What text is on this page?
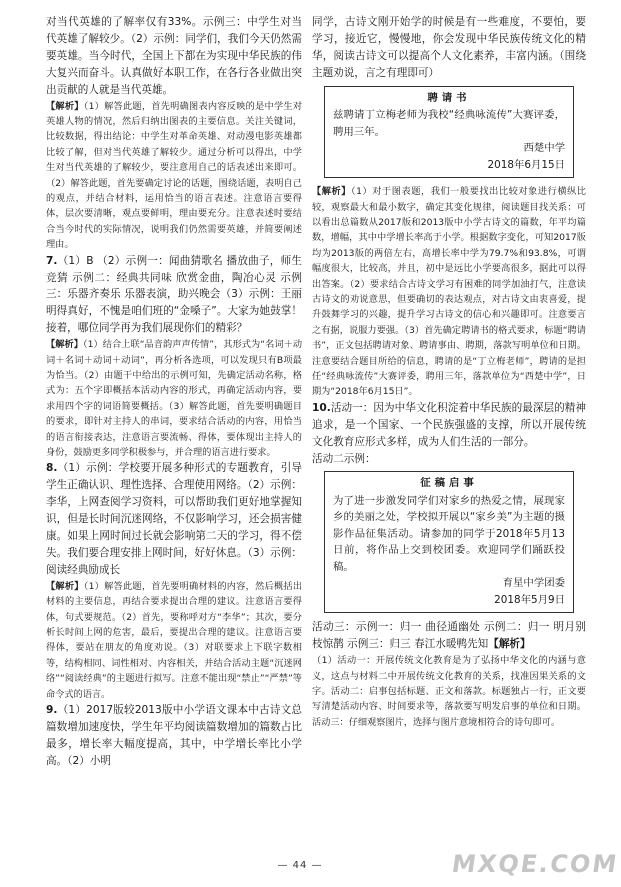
对当代英雄的了解率仅有33%。示例三：中学生对当代英雄了解较少。（2）示例：同学们，我们今天仍然需要英雄。当今时代，全国上下都在为实现中华民族的伟大复兴而奋斗。认真做好本职工作，在各行各业做出突出贡献的人就是当代英雄。

【解析】（1）解答此题，首先明确图表内容反映的是中学生对英雄人物的情况，然后归纳出图表的主要信息。关注关键词，比较数据，得出结论：中学生对革命英雄、对动漫电影英雄都比较了解，但对当代英雄了解较少。通过分析可以得出，中学生对当代英雄的了解较少，要注意用自己的话表述出来即可。（2）解答此题，首先要确定讨论的话题，围绕话题，表明自己的观点，并结合材料，运用恰当的语言表述。注意语言要得体，层次要清晰，观点要鲜明，理由要充分。注意表述时要结合当今时代的实际情况，说明我们仍然需要英雄，并简要阐述理由。

7.（1）B （2）示例一：闻曲猜歌名 播放曲子，师生竞猜 示例二：经典共同味 欣赏金曲，陶冶心灵 示例三：乐器齐奏乐 乐器表演，助兴晚会（3）示例：王丽明得真好，不愧是咱们班的“金嗓子”。大家为她鼓掌！接着，哪位同学再为我们展现你们的精彩？

【解析】（1）结合上联“品音韵声声传情”，其形式为“名词＋动词＋名词＋动词＋动词”，再分析各选项，可以发现只有B项最为恰当。（2）由题干中给出的示例可知，先确定活动名称，格式为：五个字即概括本活动内容的形式，再确定活动内容，要求用四个字的词语简要概括。（3）解答此题，首先要明确题目的要求，即针对主持人的串词，要求结合活动的内容，用恰当的语言衔接表达，注意语言要流畅、得体，要体现出主持人的身份，鼓励更多同学积极参与，并合理的语言进行要求。

8.（1）示例：学校要开展多种形式的专题教育，引导学生正确认识、理性选择、合理使用网络。（2）示例：李华，上网查阅学习资料，可以帮助我们更好地掌握知识，但是长时间沉迷网络，不仅影响学习，还会损害健康。如果上网时间过长就会影响第二天的学习，得不偿失。我们要合理安排上网时间，好好休息。（3）示例：阅读经典励成长

【解析】（1）解答此题，首先要明确材料的内容，然后概括出材料的主要信息，再结合要求提出合理的建议。注意语言要得体，句式要规范。（2）首先，要称呼对方“李华”；其次，要分析长时间上网的危害，最后，要提出合理的建议。注意语言要得体，要站在朋友的角度劝说。（3）对联要求上下联字数相等，结构相同、词性相对、内容相关，并结合活动主题“沉迷网络”“阅读经典”的主题进行拟写。注意不能出现“禁止”“严禁”等命令式的语言。

9.（1）2017版较2013版中小学语文课本中古诗文总篇数增加速度快，学生年平均阅读篇数增加的篇数占比最多，增长率大幅度提高，其中，中学增长率比小学高。（2）小明

同学，古诗文刚开始学的时候是有一些难度，不要怕，要学习，接近它，慢慢地，你会发现中华民族传统文化的精华，阅读古诗文可以提高个人文化素养，丰富内涵。（围绕主题劝说，言之有理即可）

聘请书
兹聘请丁立梅老师为我校“经典咏流传”大赛评委，聘用三年。
西楚中学
2018年6月15日

【解析】（1）对于图表题，我们一般要找出比较对象进行横纵比较，观察最大和最小数字，确定其变化规律，阅读题目找关系：可以看出总篇数从2017版和2013版中小学古诗文的篇数，年平均篇数，增幅，其中中学增长率高于小学。根据数字变化，可知2017版均为2013版的两倍左右，高增长率中学为79.7%和93.8%，可谓幅度很大，比较高，并且，初中是远比小学要高很多，据此可以得出答案。（2）要求结合古诗文学习有困难的同学加油打气，注意读古诗文的劝说意思，但要确切的表达观点，对古诗文由衷喜爱，提升鼓舞学习的兴趣，提升学习古诗文的信心和兴趣即可。注意要言之有据，说服力要强。（3）首先确定聘请书的格式要求，标题“聘请书”，正文包括聘请对象、聘请事由、聘期，落款写明单位和日期。注意要结合题目所给的信息，聘请的是“丁立梅老师”，聘请的是担任“经典咏流传”大赛评委，聘用三年，落款单位为“西楚中学”，日期为“2018年6月15日”。

10.活动一：因为中华文化积淀着中华民族的最深层的精神追求，是一个国家、一个民族强盛的支撑，所以开展传统文化教育应形式多样，成为人们生活的一部分。

活动二示例：

征稿启事
为了进一步激发同学们对家乡的热爱之情，展现家乡的美丽之处，学校拟开展以“家乡美”为主题的摄影作品征集活动。请参加的同学于2018年5月13日前，将作品上交到校团委。欢迎同学们踊跃投稿。
育星中学团委
2018年5月9日

活动三：示例一：归一 曲径通幽处 示例二：归一 明月别枝惊鹊 示例三：归三 春江水暖鸭先知【解析】

（1）活动一：开展传统文化教育是为了弘扬中华文化的内涵与意义，这点与材料二中开展传统文化教育的关系，找准因果关系的文字。活动二：启事包括标题、正文和落款。标题独占一行，正文要写清楚活动内容、时间要求等，落款要写明发启事的单位和日期。活动三：仔细观察图片，选择与图片意境相符合的诗句即可。

— 44 —	MXQE.COM
